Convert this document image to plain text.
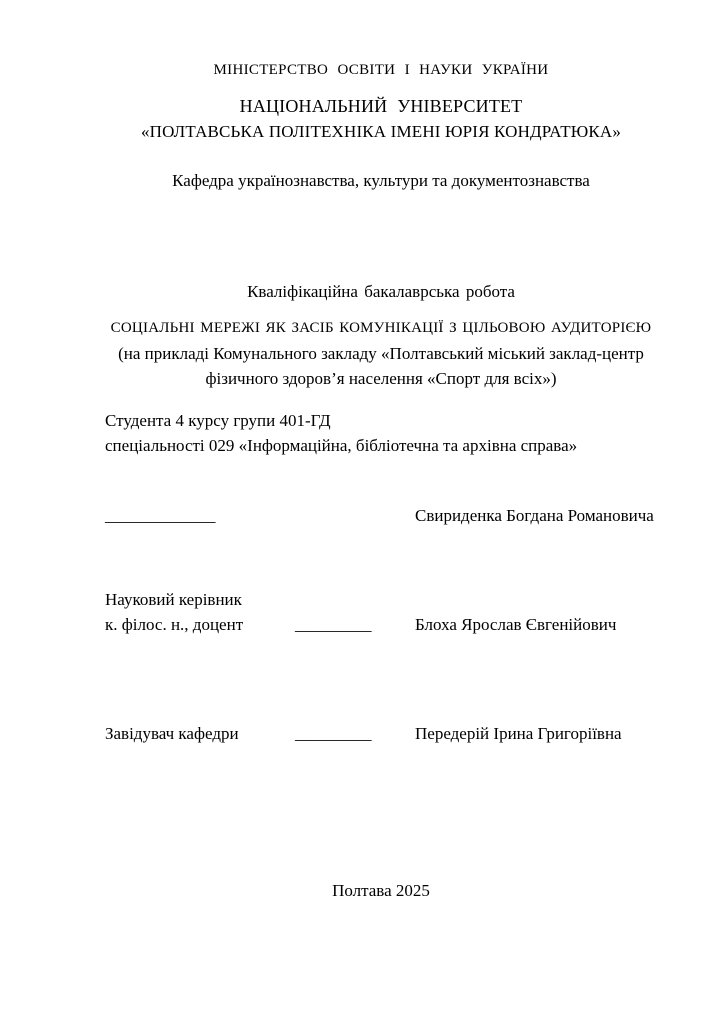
МІНІСТЕРСТВО ОСВІТИ І НАУКИ УКРАЇНИ
НАЦІОНАЛЬНИЙ УНІВЕРСИТЕТ
«ПОЛТАВСЬКА ПОЛІТЕХНІКА ІМЕНІ ЮРІЯ КОНДРАТЮКА»
Кафедра українознавства, культури та документознавства
Кваліфікаційна бакалаврська робота
СОЦІАЛЬНІ МЕРЕЖІ ЯК ЗАСІБ КОМУНІКАЦІЇ З ЦІЛЬОВОЮ АУДИТОРІЄЮ
(на прикладі Комунального закладу «Полтавський міський заклад-центр
фізичного здоров’я населення «Спорт для всіх»)
Студента 4 курсу групи 401-ГД
спеціальності 029 «Інформаційна, бібліотечна та архівна справа»
_____________	Свириденка Богдана Романовича
Науковий керівник
к. філос. н., доцент	_________	Блоха Ярослав Євгенійович
Завідувач кафедри	_________	Передерій Ірина Григоріївна
Полтава 2025
